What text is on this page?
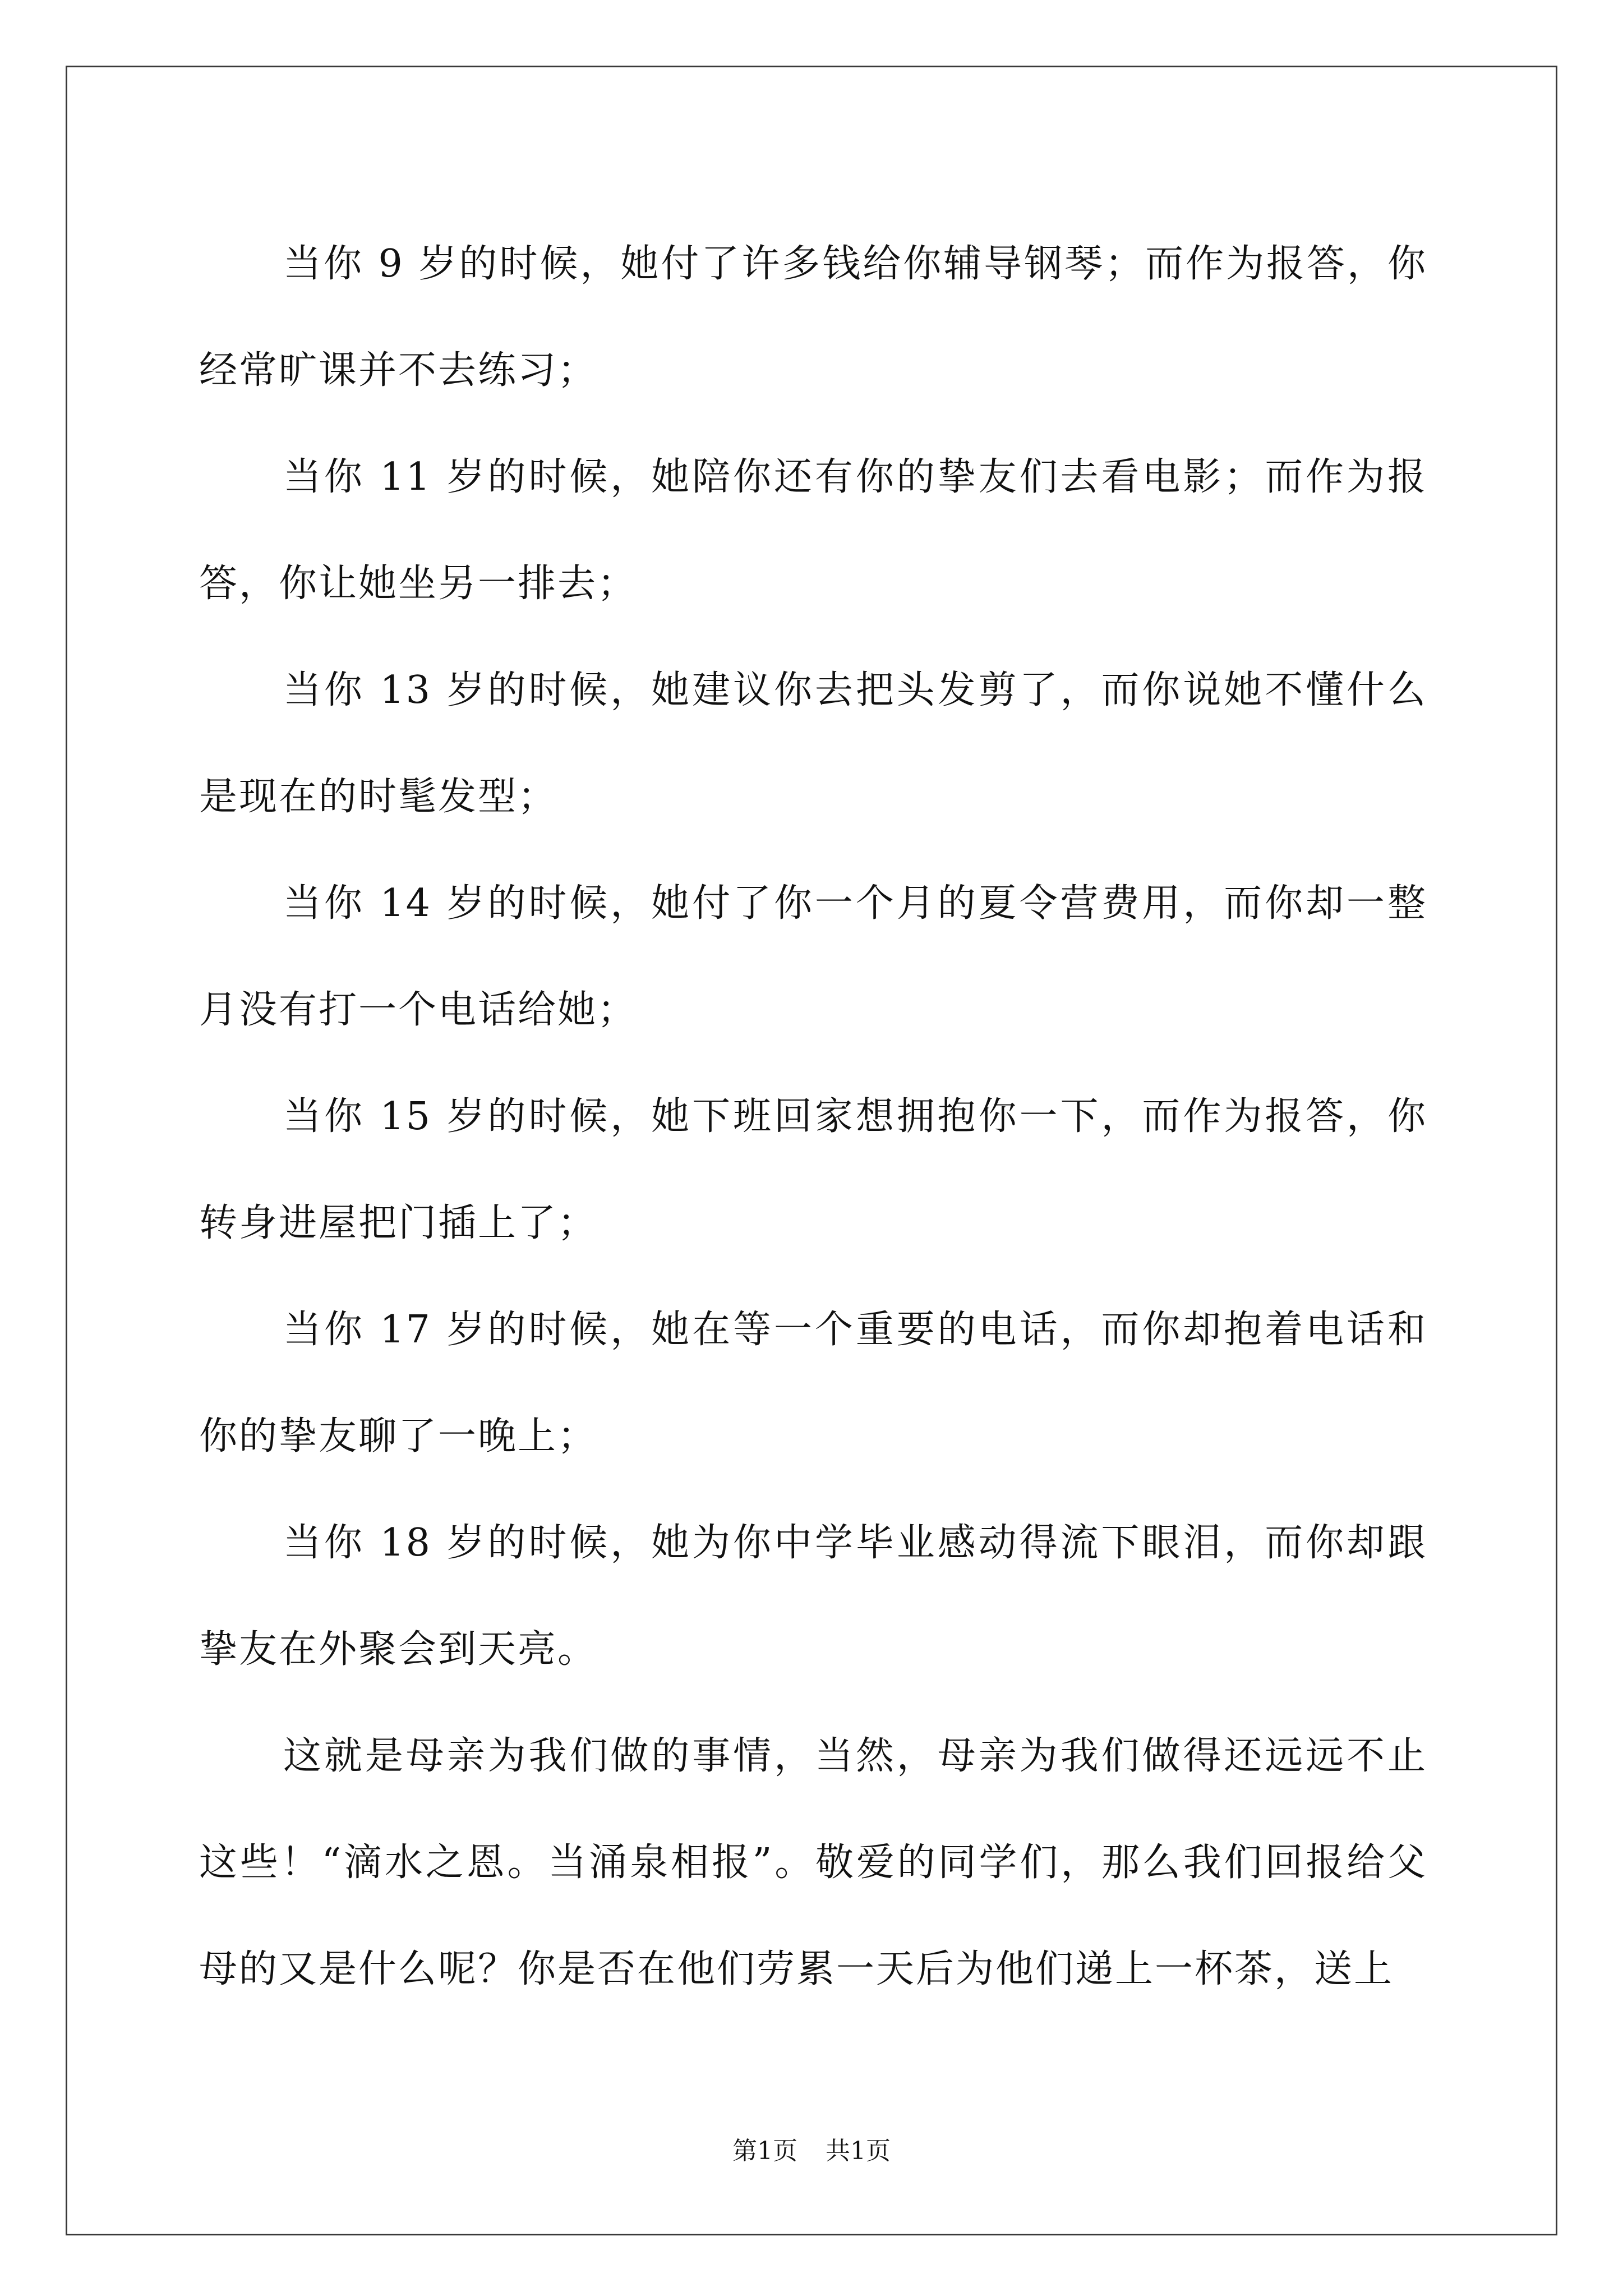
当你 9 岁的时候，她付了许多钱给你辅导钢琴；而作为报答，你经常旷课并不去练习；

当你 11 岁的时候，她陪你还有你的挚友们去看电影；而作为报答，你让她坐另一排去；

当你 13 岁的时候，她建议你去把头发剪了，而你说她不懂什么是现在的时髦发型；

当你 14 岁的时候，她付了你一个月的夏令营费用，而你却一整月没有打一个电话给她；

当你 15 岁的时候，她下班回家想拥抱你一下，而作为报答，你转身进屋把门插上了；

当你 17 岁的时候，她在等一个重要的电话，而你却抱着电话和你的挚友聊了一晚上；

当你 18 岁的时候，她为你中学毕业感动得流下眼泪，而你却跟挚友在外聚会到天亮。

这就是母亲为我们做的事情，当然，母亲为我们做得还远远不止这些！“滴水之恩。当涌泉相报”。敬爱的同学们，那么我们回报给父母的又是什么呢？你是否在他们劳累一天后为他们递上一杯茶，送上

第1页 共1页
